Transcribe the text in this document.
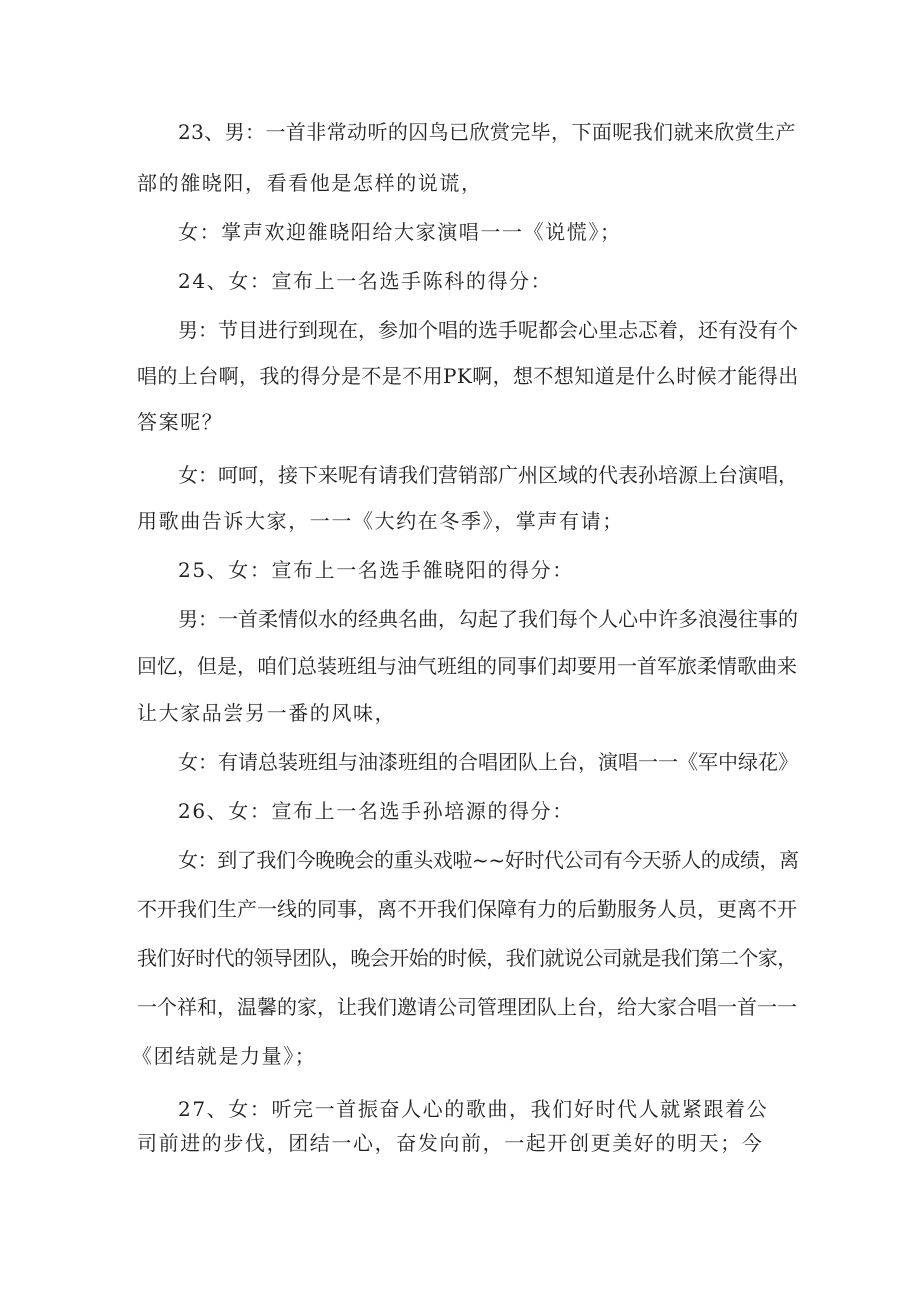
23、男：一首非常动听的囚鸟已欣赏完毕，下面呢我们就来欣赏生产
部的雒晓阳，看看他是怎样的说谎，
女：掌声欢迎雒晓阳给大家演唱一一《说慌》；
24、女：宣布上一名选手陈科的得分：
男：节目进行到现在，参加个唱的选手呢都会心里忐忑着，还有没有个
唱的上台啊，我的得分是不是不用PK啊，想不想知道是什么时候才能得出
答案呢？
女：呵呵，接下来呢有请我们营销部广州区域的代表孙培源上台演唱，
用歌曲告诉大家，一一《大约在冬季》，掌声有请；
25、女：宣布上一名选手雒晓阳的得分：
男：一首柔情似水的经典名曲，勾起了我们每个人心中许多浪漫往事的
回忆，但是，咱们总装班组与油气班组的同事们却要用一首军旅柔情歌曲来
让大家品尝另一番的风味，
女：有请总装班组与油漆班组的合唱团队上台，演唱一一《军中绿花》
26、女：宣布上一名选手孙培源的得分：
女：到了我们今晚晚会的重头戏啦~~好时代公司有今天骄人的成绩，离
不开我们生产一线的同事，离不开我们保障有力的后勤服务人员，更离不开
我们好时代的领导团队，晚会开始的时候，我们就说公司就是我们第二个家，
一个祥和，温馨的家，让我们邀请公司管理团队上台，给大家合唱一首一一
《团结就是力量》；
27、女：听完一首振奋人心的歌曲，我们好时代人就紧跟着公
司前进的步伐，团结一心，奋发向前，一起开创更美好的明天；今
